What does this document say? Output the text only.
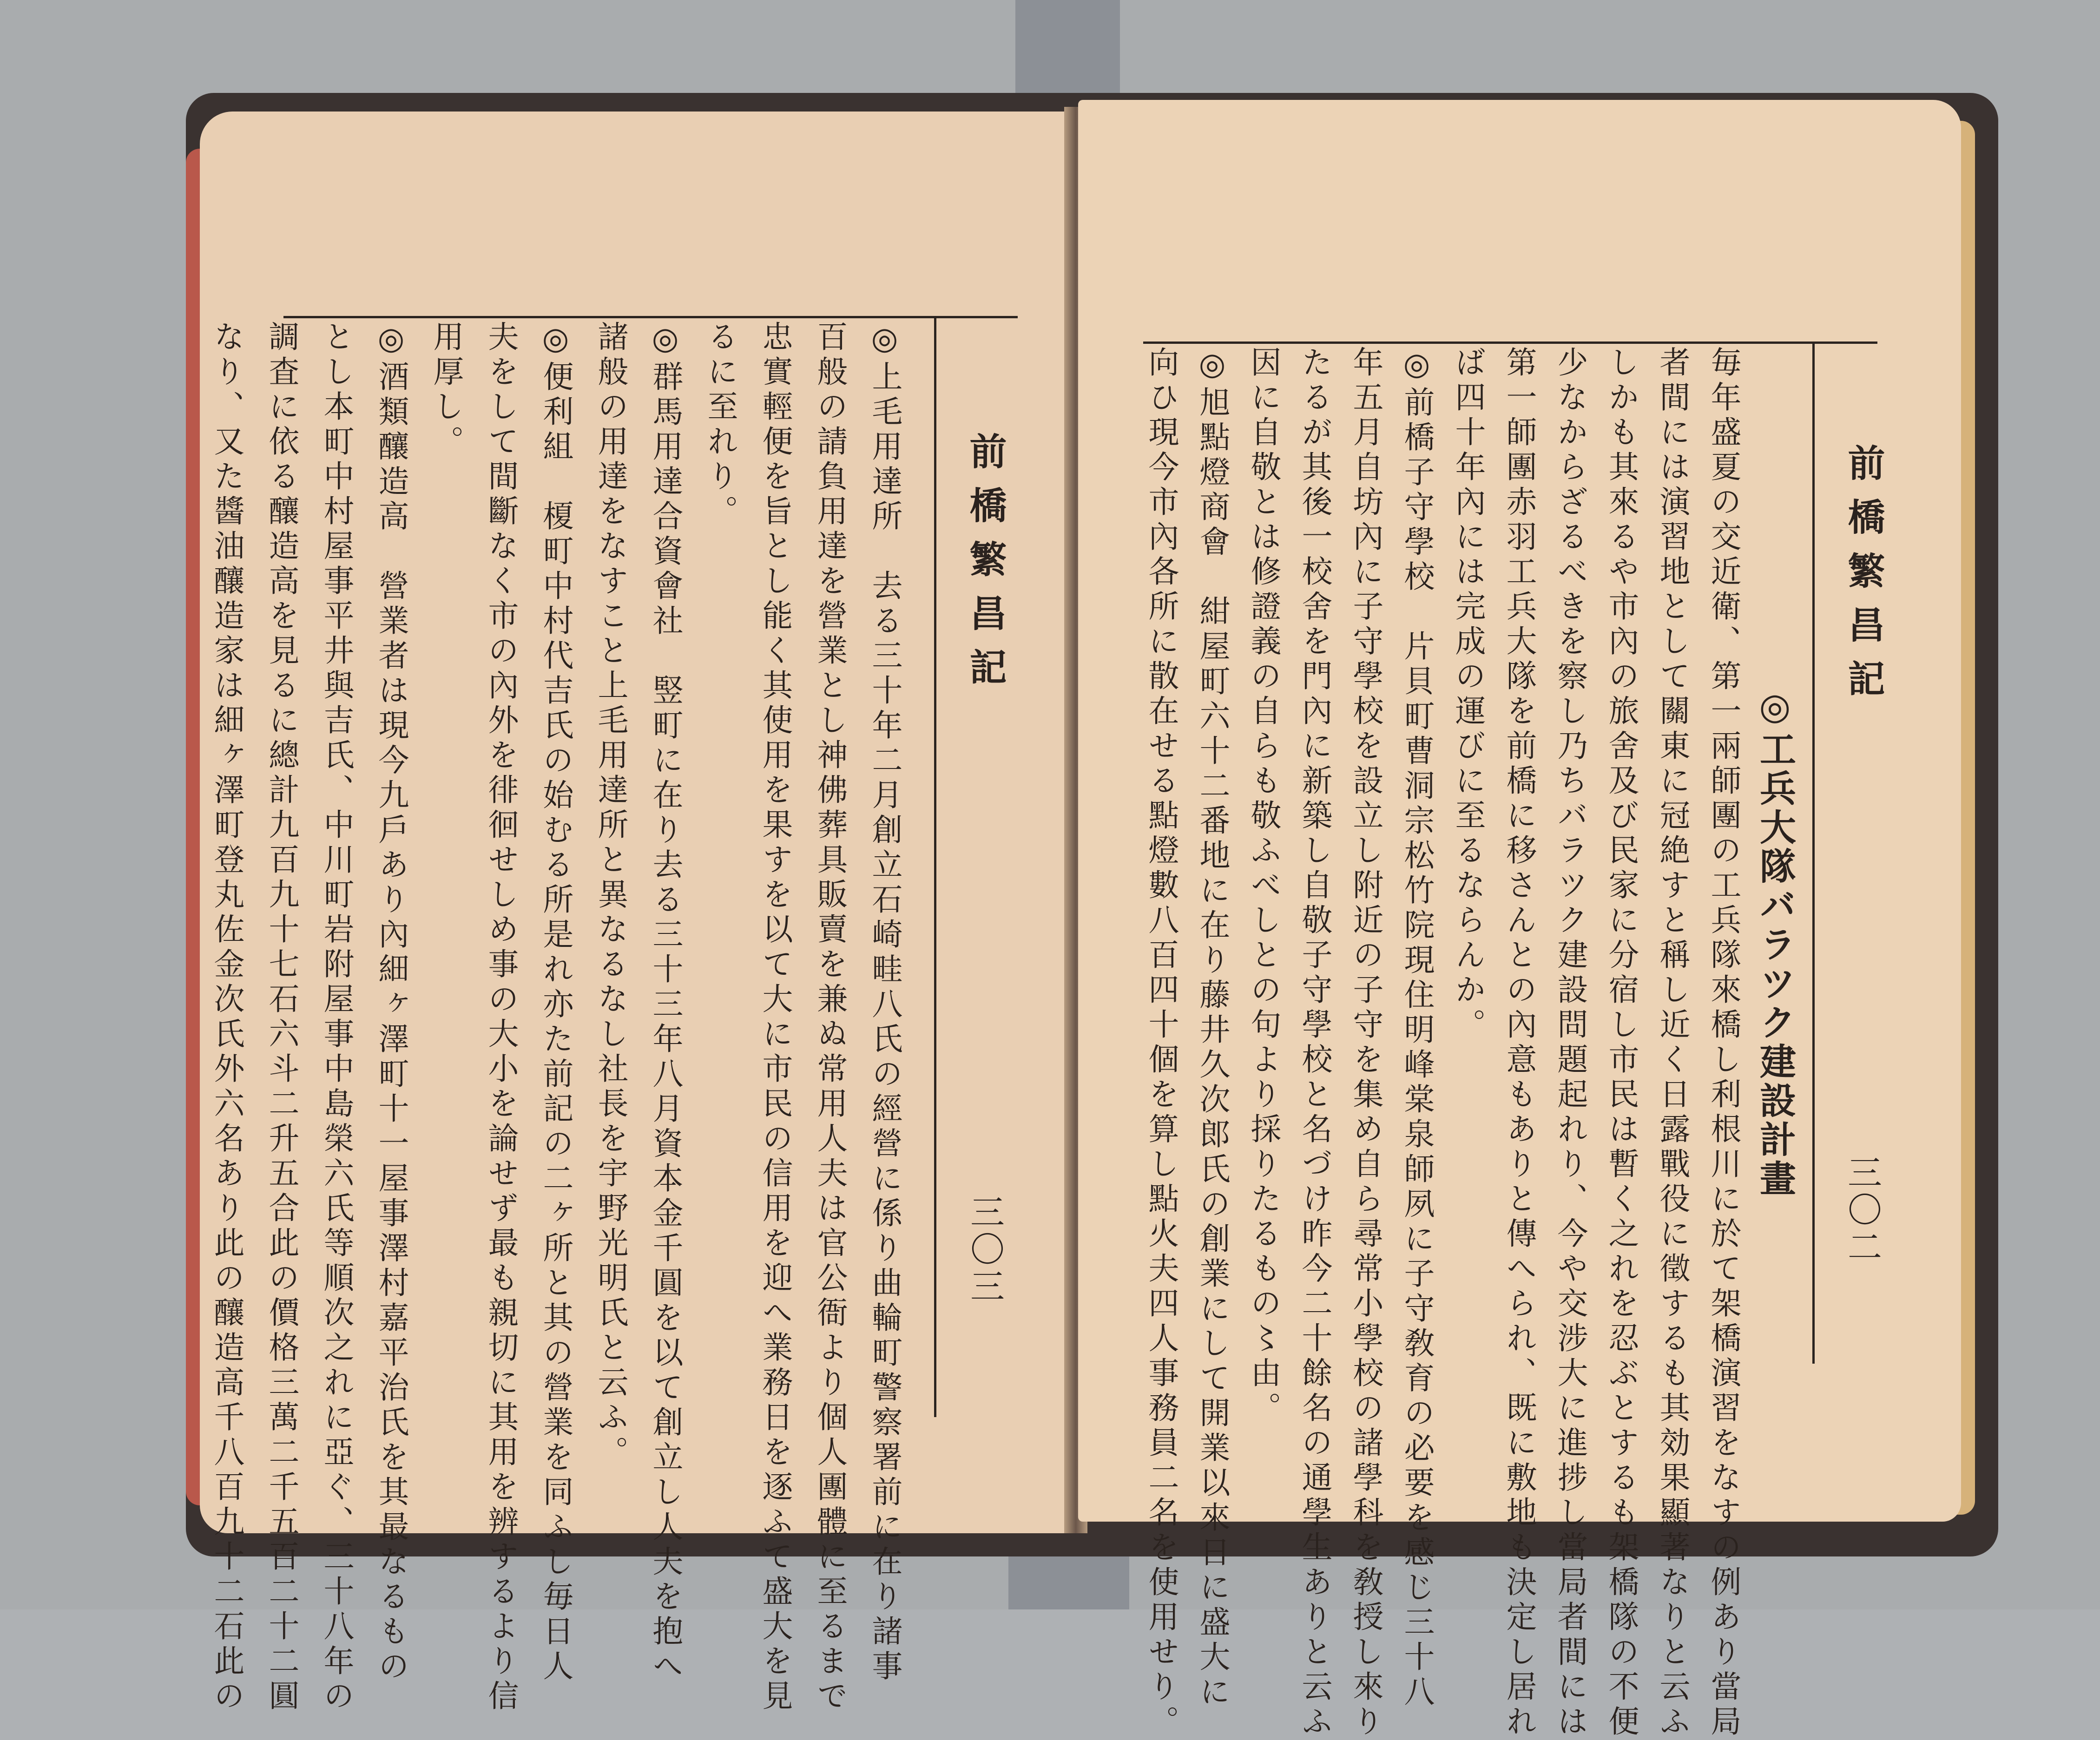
前橋繁昌記
三〇三
◎上毛用達所　去る三十年二月創立石崎畦八氏の經營に係り曲輪町警察署前に在り諸事
百般の請負用達を營業とし神佛葬具販賣を兼ぬ常用人夫は官公衙より個人團體に至るまで
忠實輕便を旨とし能く其使用を果すを以て大に市民の信用を迎へ業務日を逐ふて盛大を見
るに至れり。
◎群馬用達合資會社　竪町に在り去る三十三年八月資本金千圓を以て創立し人夫を抱へ
諸般の用達をなすこと上毛用達所と異なるなし社長を宇野光明氏と云ふ。
◎便利組　榎町中村代吉氏の始むる所是れ亦た前記の二ヶ所と其の營業を同ふし毎日人
夫をして間斷なく市の內外を徘徊せしめ事の大小を論せず最も親切に其用を辨するより信
用厚し。
◎酒類釀造高　營業者は現今九戶あり內細ヶ澤町十一屋事澤村嘉平治氏を其最なるもの
とし本町中村屋事平井與吉氏、中川町岩附屋事中島榮六氏等順次之れに亞ぐ、三十八年の
調査に依る釀造高を見るに總計九百九十七石六斗二升五合此の價格三萬二千五百二十二圓
なり、又た醬油釀造家は細ヶ澤町登丸佐金次氏外六名あり此の釀造高千八百九十二石此の	前橋繁昌記
三〇二
◎工兵大隊バラツク建設計畫
毎年盛夏の交近衛、第一兩師團の工兵隊來橋し利根川に於て架橋演習をなすの例あり當局
者間には演習地として關東に冠絶すと稱し近く日露戰役に徵するも其効果顯著なりと云ふ
しかも其來るや市內の旅舍及び民家に分宿し市民は暫く之れを忍ぶとするも架橋隊の不便
少なからざるべきを察し乃ちバラツク建設問題起れり、今や交涉大に進捗し當局者間には
第一師團赤羽工兵大隊を前橋に移さんとの內意もありと傳へられ、既に敷地も決定し居れ
ば四十年內には完成の運びに至るならんか。
◎前橋子守學校　片貝町曹洞宗松竹院現住明峰棠泉師夙に子守敎育の必要を感じ三十八
年五月自坊內に子守學校を設立し附近の子守を集め自ら尋常小學校の諸學科を敎授し來り
たるが其後一校舍を門內に新築し自敬子守學校と名づけ昨今二十餘名の通學生ありと云ふ
因に自敬とは修證義の自らも敬ふべしとの句より採りたるもの〻由。
◎旭點燈商會　紺屋町六十二番地に在り藤井久次郎氏の創業にして開業以來日に盛大に
向ひ現今市內各所に散在せる點燈數八百四十個を算し點火夫四人事務員二名を使用せり。
